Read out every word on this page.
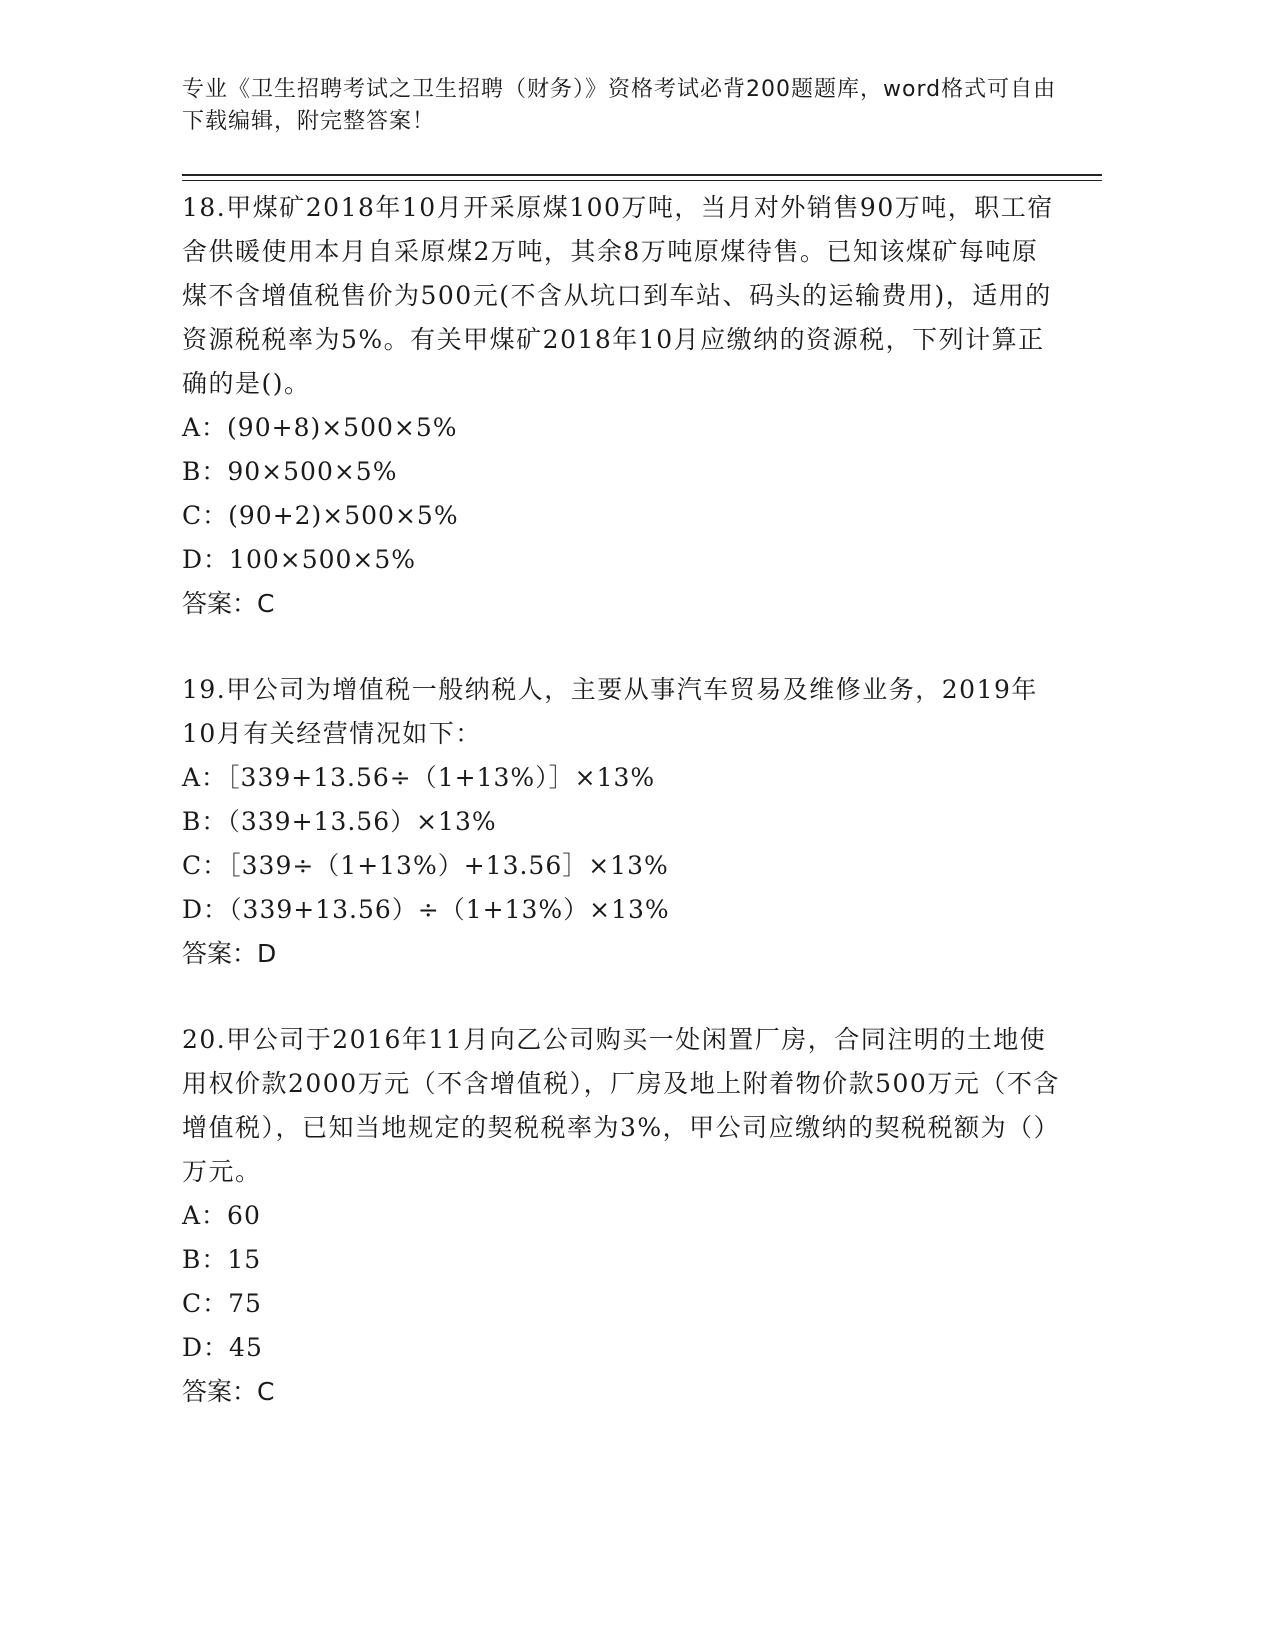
专业《卫生招聘考试之卫生招聘（财务）》资格考试必背200题题库，word格式可自由下载编辑，附完整答案！

18.甲煤矿2018年10月开采原煤100万吨，当月对外销售90万吨，职工宿舍供暖使用本月自采原煤2万吨，其余8万吨原煤待售。已知该煤矿每吨原煤不含增值税售价为500元(不含从坑口到车站、码头的运输费用)，适用的资源税税率为5%。有关甲煤矿2018年10月应缴纳的资源税，下列计算正确的是()。

A：(90+8)×500×5%

B：90×500×5%

C：(90+2)×500×5%

D：100×500×5%

答案：C

19.甲公司为增值税一般纳税人，主要从事汽车贸易及维修业务，2019年10月有关经营情况如下：

A：［339+13.56÷（1+13%）］×13%

B：（339+13.56）×13%

C：［339÷（1+13%）+13.56］×13%

D：（339+13.56）÷（1+13%）×13%

答案：D

20.甲公司于2016年11月向乙公司购买一处闲置厂房，合同注明的土地使用权价款2000万元（不含增值税），厂房及地上附着物价款500万元（不含增值税），已知当地规定的契税税率为3%，甲公司应缴纳的契税税额为（）万元。

A：60

B：15

C：75

D：45

答案：C
